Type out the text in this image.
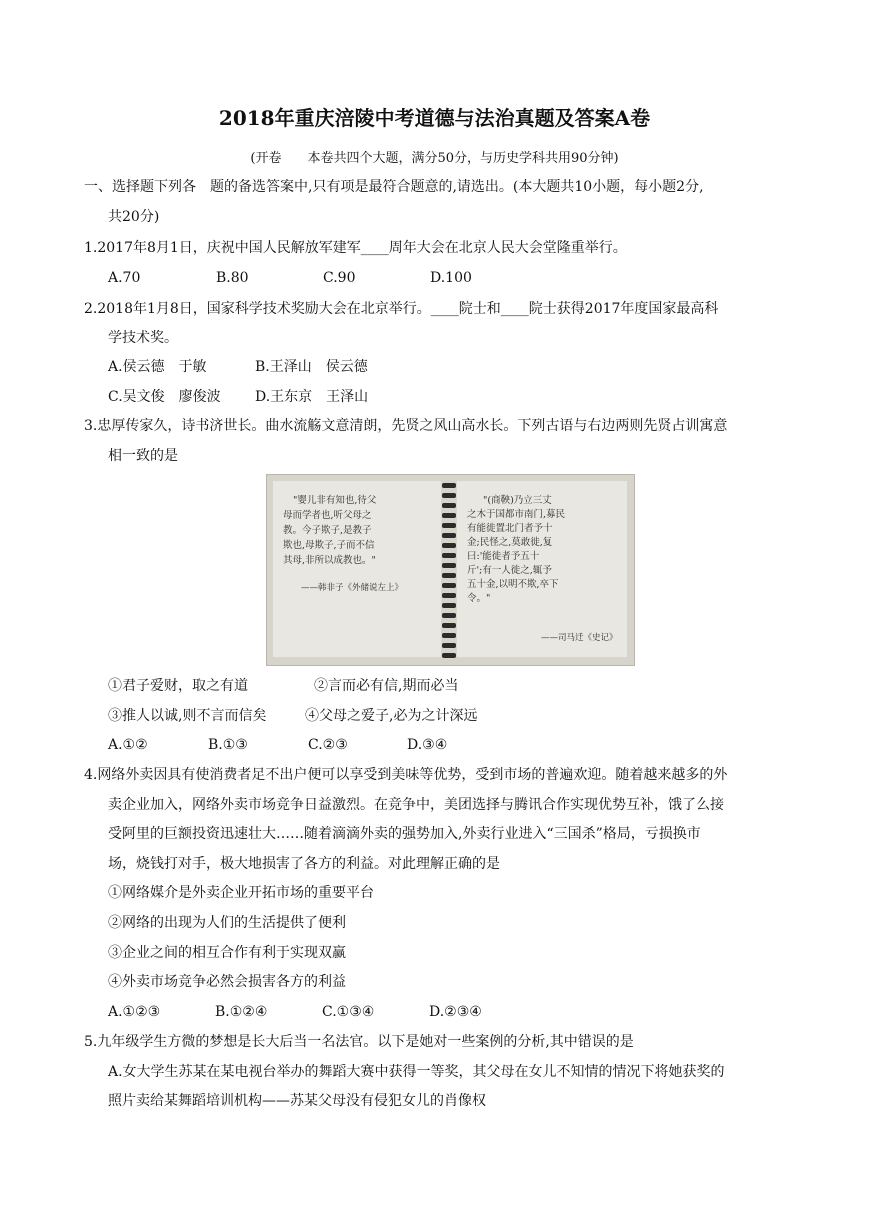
2018年重庆涪陵中考道德与法治真题及答案A卷
(开卷　　本卷共四个大题，满分50分，与历史学科共用90分钟)
一、选择题下列各　题的备选答案中,只有项是最符合题意的,请选出。(本大题共10小题，每小题2分,
共20分)
1.2017年8月1日，庆祝中国人民解放军建军____周年大会在北京人民大会堂隆重举行。
A.70	B.80	C.90	D.100
2.2018年1月8日，国家科学技术奖励大会在北京举行。____院士和____院士获得2017年度国家最高科
学技术奖。
A.侯云德　于敏	B.王泽山　侯云德
C.吴文俊　廖俊波 D.王东京　王泽山
3.忠厚传家久，诗书济世长。曲水流觞文意清朗，先贤之风山高水长。下列古语与右边两则先贤占训寓意
相一致的是
"婴儿非有知也,待父
母而学者也,听父母之
教。今子欺子,是教子
欺也,母欺子,子而不信
其母,非所以成教也。"
——韩非子《外储说左上》
"(商鞅)乃立三丈
之木于国都市南门,募民
有能徙置北门者予十
金;民怪之,莫敢徙,复
曰:'能徙者予五十
斤';有一人徙之,辄予
五十金,以明不欺,卒下
令。"
——司马迁《史记》
①君子爱财，取之有道	②言而必有信,期而必当
③推人以诚,则不言而信矣	④父母之爱子,必为之计深远
A.①②	B.①③	C.②③	D.③④
4.网络外卖因具有使消费者足不出户便可以享受到美味等优势，受到市场的普遍欢迎。随着越来越多的外
卖企业加入，网络外卖市场竞争日益激烈。在竞争中，美团选择与腾讯合作实现优势互补，饿了么接
受阿里的巨额投资迅速壮大……随着滴滴外卖的强势加入,外卖行业进入“三国杀”格局，亏损换市
场，烧钱打对手，极大地损害了各方的利益。对此理解正确的是
①网络媒介是外卖企业开拓市场的重要平台
②网络的出现为人们的生活提供了便利
③企业之间的相互合作有利于实现双赢
④外卖市场竞争必然会损害各方的利益
A.①②③	B.①②④	C.①③④	D.②③④
5.九年级学生方微的梦想是长大后当一名法官。以下是她对一些案例的分析,其中错误的是
A.女大学生苏某在某电视台举办的舞蹈大赛中获得一等奖，其父母在女儿不知情的情况下将她获奖的
照片卖给某舞蹈培训机构——苏某父母没有侵犯女儿的肖像权
